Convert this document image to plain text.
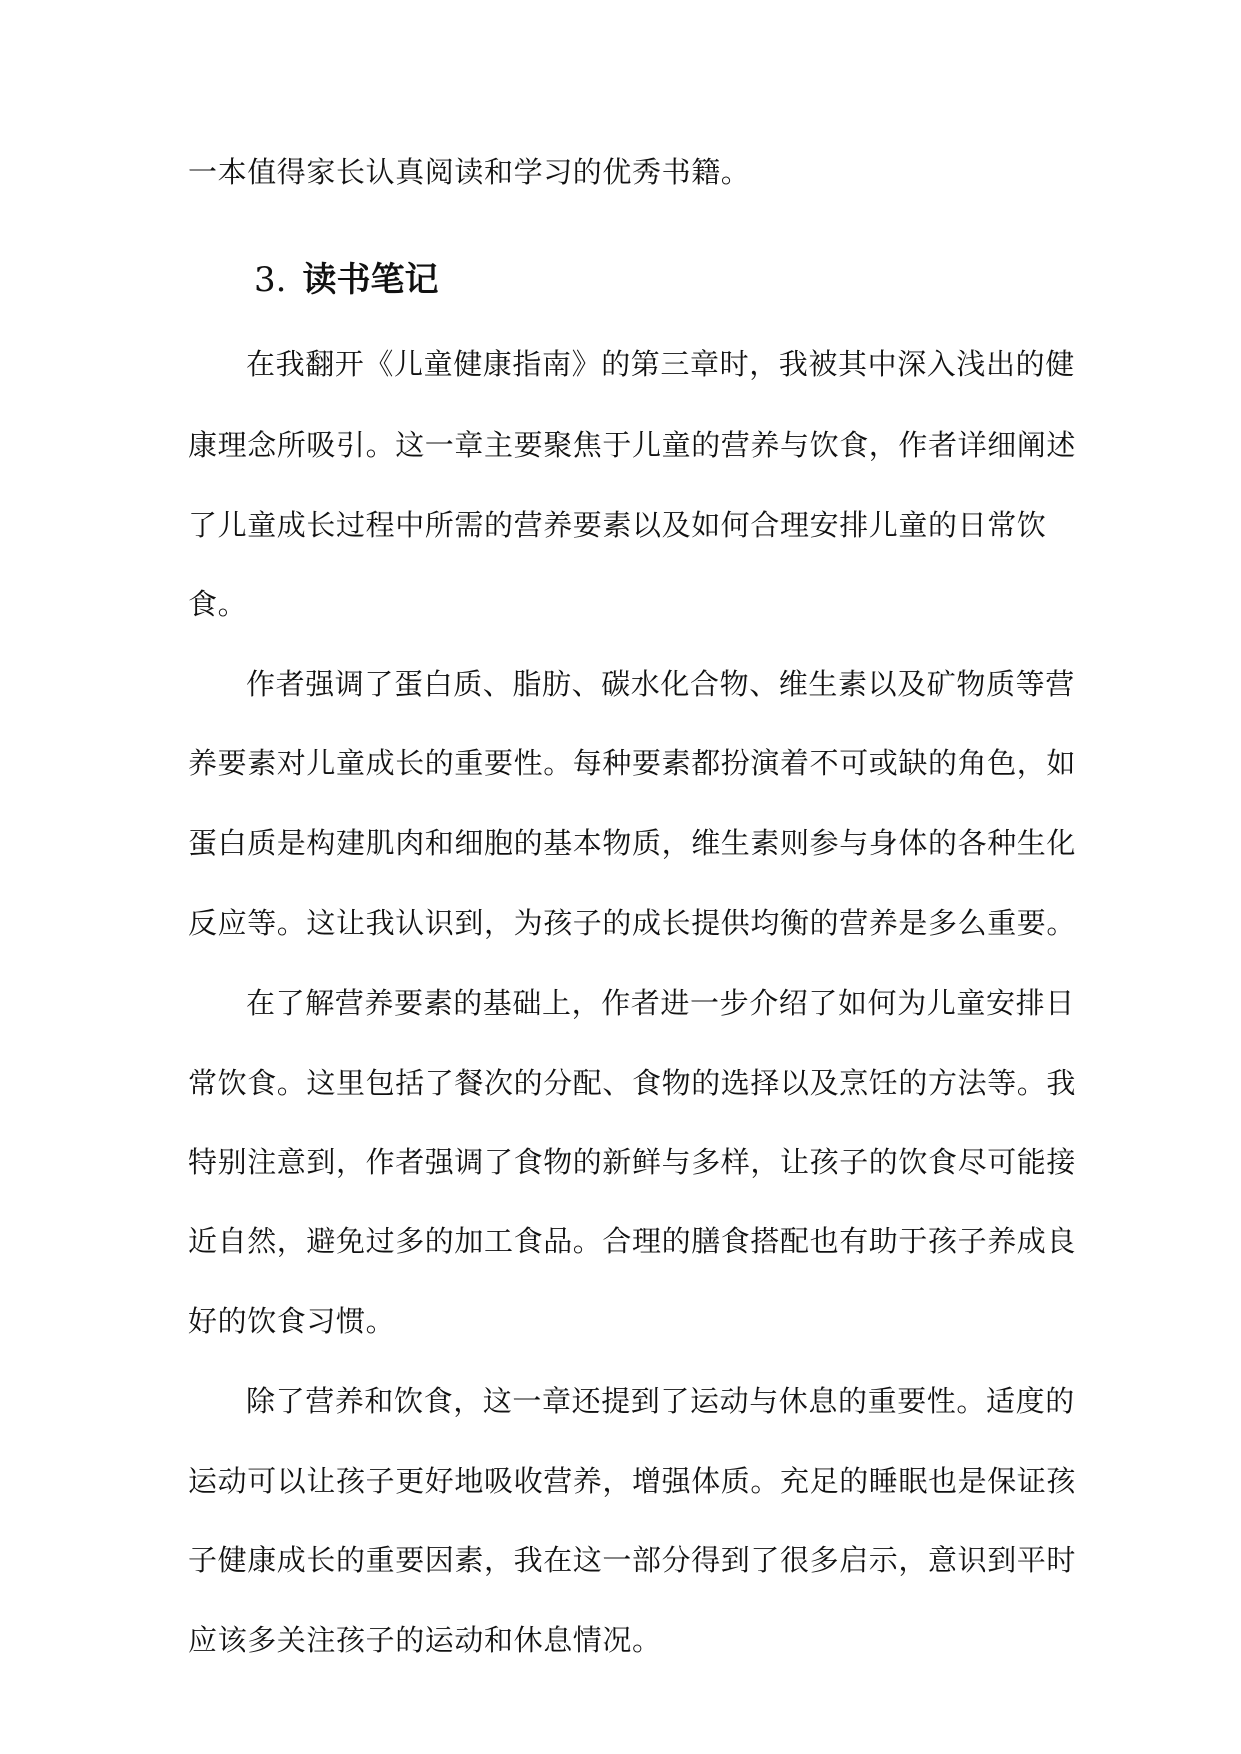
一本值得家长认真阅读和学习的优秀书籍。
3. 读书笔记
在我翻开《儿童健康指南》的第三章时，我被其中深入浅出的健
康理念所吸引。这一章主要聚焦于儿童的营养与饮食，作者详细阐述
了儿童成长过程中所需的营养要素以及如何合理安排儿童的日常饮
食。
作者强调了蛋白质、脂肪、碳水化合物、维生素以及矿物质等营
养要素对儿童成长的重要性。每种要素都扮演着不可或缺的角色，如
蛋白质是构建肌肉和细胞的基本物质，维生素则参与身体的各种生化
反应等。这让我认识到，为孩子的成长提供均衡的营养是多么重要。
在了解营养要素的基础上，作者进一步介绍了如何为儿童安排日
常饮食。这里包括了餐次的分配、食物的选择以及烹饪的方法等。我
特别注意到，作者强调了食物的新鲜与多样，让孩子的饮食尽可能接
近自然，避免过多的加工食品。合理的膳食搭配也有助于孩子养成良
好的饮食习惯。
除了营养和饮食，这一章还提到了运动与休息的重要性。适度的
运动可以让孩子更好地吸收营养，增强体质。充足的睡眠也是保证孩
子健康成长的重要因素，我在这一部分得到了很多启示，意识到平时
应该多关注孩子的运动和休息情况。
